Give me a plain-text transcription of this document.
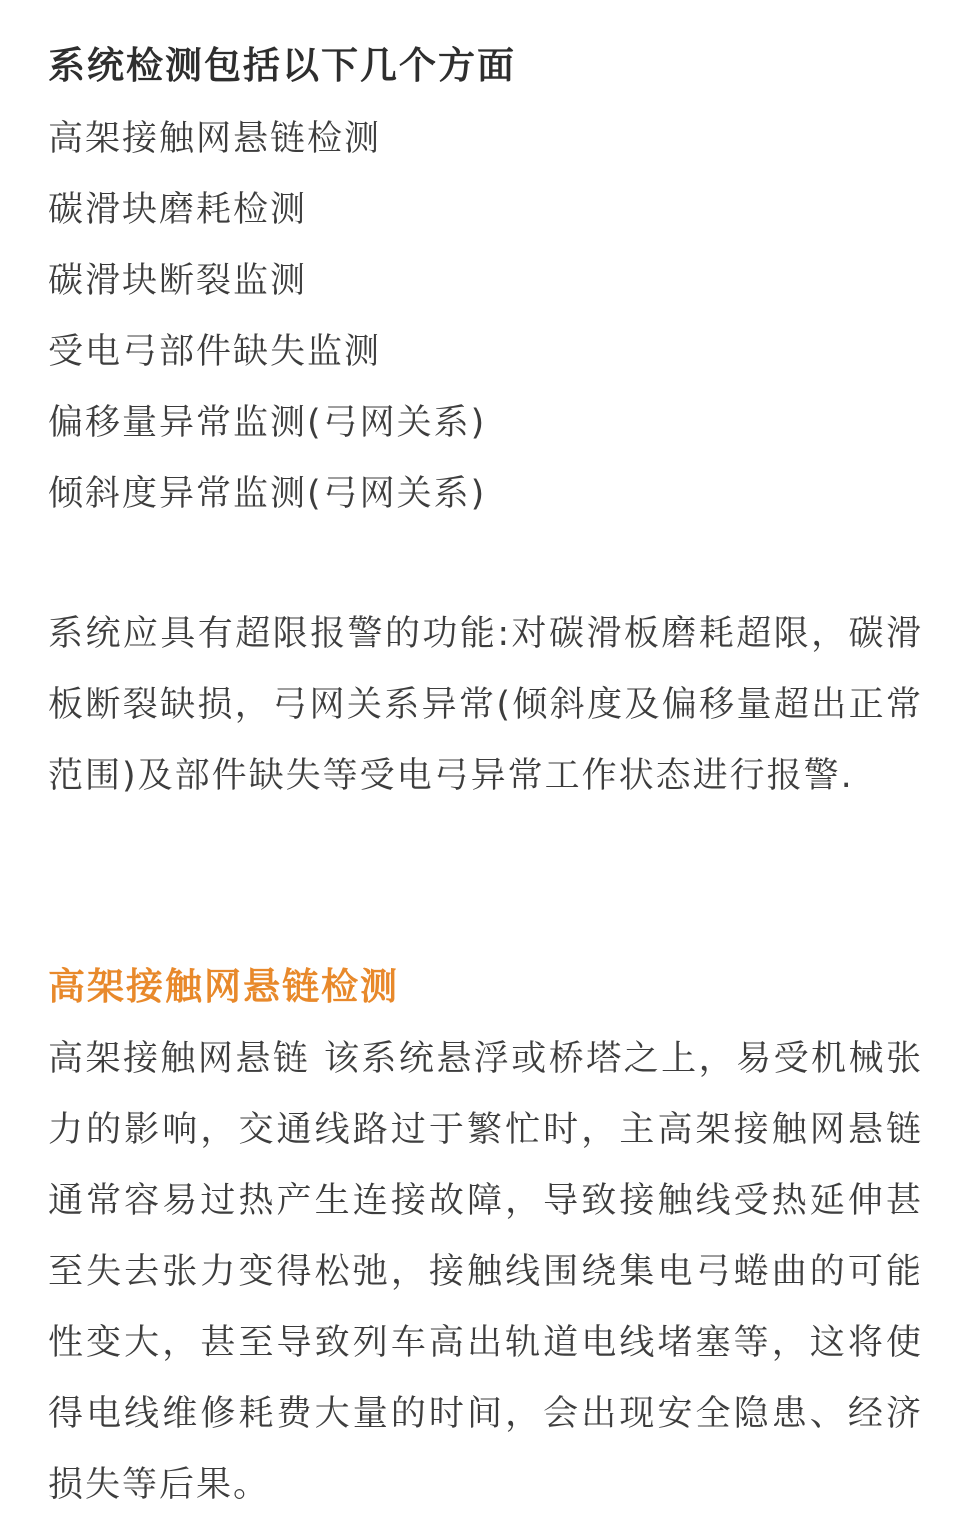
系统检测包括以下几个方面

高架接触网悬链检测

碳滑块磨耗检测

碳滑块断裂监测

受电弓部件缺失监测

偏移量异常监测(弓网关系)

倾斜度异常监测(弓网关系)

系统应具有超限报警的功能:对碳滑板磨耗超限，碳滑板断裂缺损，弓网关系异常(倾斜度及偏移量超出正常范围)及部件缺失等受电弓异常工作状态进行报警.

高架接触网悬链检测

高架接触网悬链 该系统悬浮或桥塔之上，易受机械张力的影响，交通线路过于繁忙时，主高架接触网悬链通常容易过热产生连接故障，导致接触线受热延伸甚至失去张力变得松弛，接触线围绕集电弓蜷曲的可能性变大，甚至导致列车高出轨道电线堵塞等，这将使得电线维修耗费大量的时间，会出现安全隐患、经济损失等后果。
